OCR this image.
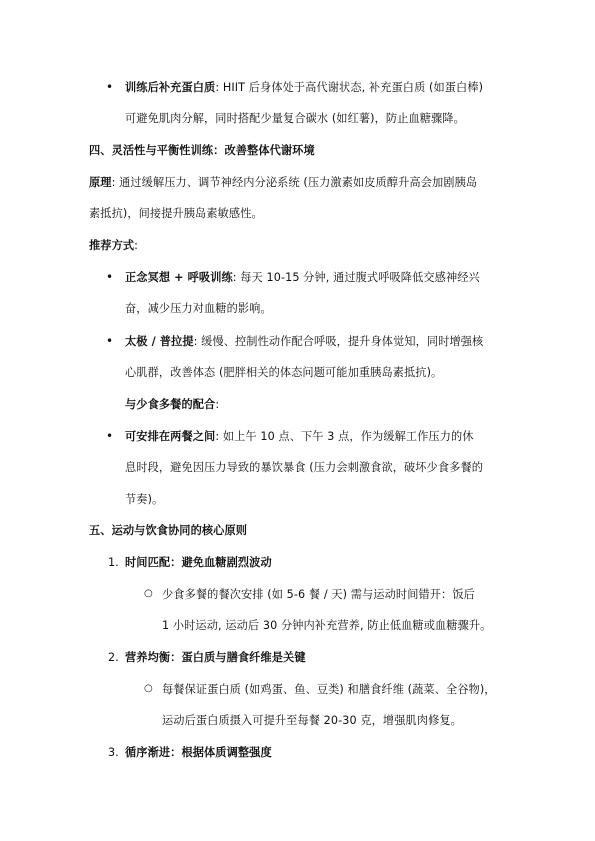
• 训练后补充蛋白质: HIIT 后身体处于高代谢状态, 补充蛋白质 (如蛋白棒)
可避免肌肉分解，同时搭配少量复合碳水 (如红薯)，防止血糖骤降。
四、灵活性与平衡性训练：改善整体代谢环境
原理: 通过缓解压力、调节神经内分泌系统 (压力激素如皮质醇升高会加剧胰岛
素抵抗)，间接提升胰岛素敏感性。
推荐方式:
• 正念冥想 + 呼吸训练: 每天 10-15 分钟, 通过腹式呼吸降低交感神经兴
奋，减少压力对血糖的影响。
• 太极 / 普拉提: 缓慢、控制性动作配合呼吸，提升身体觉知，同时增强核
心肌群，改善体态 (肥胖相关的体态问题可能加重胰岛素抵抗)。
与少食多餐的配合:
• 可安排在两餐之间: 如上午 10 点、下午 3 点，作为缓解工作压力的休
息时段，避免因压力导致的暴饮暴食 (压力会刺激食欲，破坏少食多餐的
节奏)。
五、运动与饮食协同的核心原则
1. 时间匹配：避免血糖剧烈波动
○ 少食多餐的餐次安排 (如 5-6 餐 / 天) 需与运动时间错开：饭后
1 小时运动, 运动后 30 分钟内补充营养, 防止低血糖或血糖骤升。
2. 营养均衡：蛋白质与膳食纤维是关键
○ 每餐保证蛋白质 (如鸡蛋、鱼、豆类) 和膳食纤维 (蔬菜、全谷物)，
运动后蛋白质摄入可提升至每餐 20-30 克，增强肌肉修复。
3. 循序渐进：根据体质调整强度
